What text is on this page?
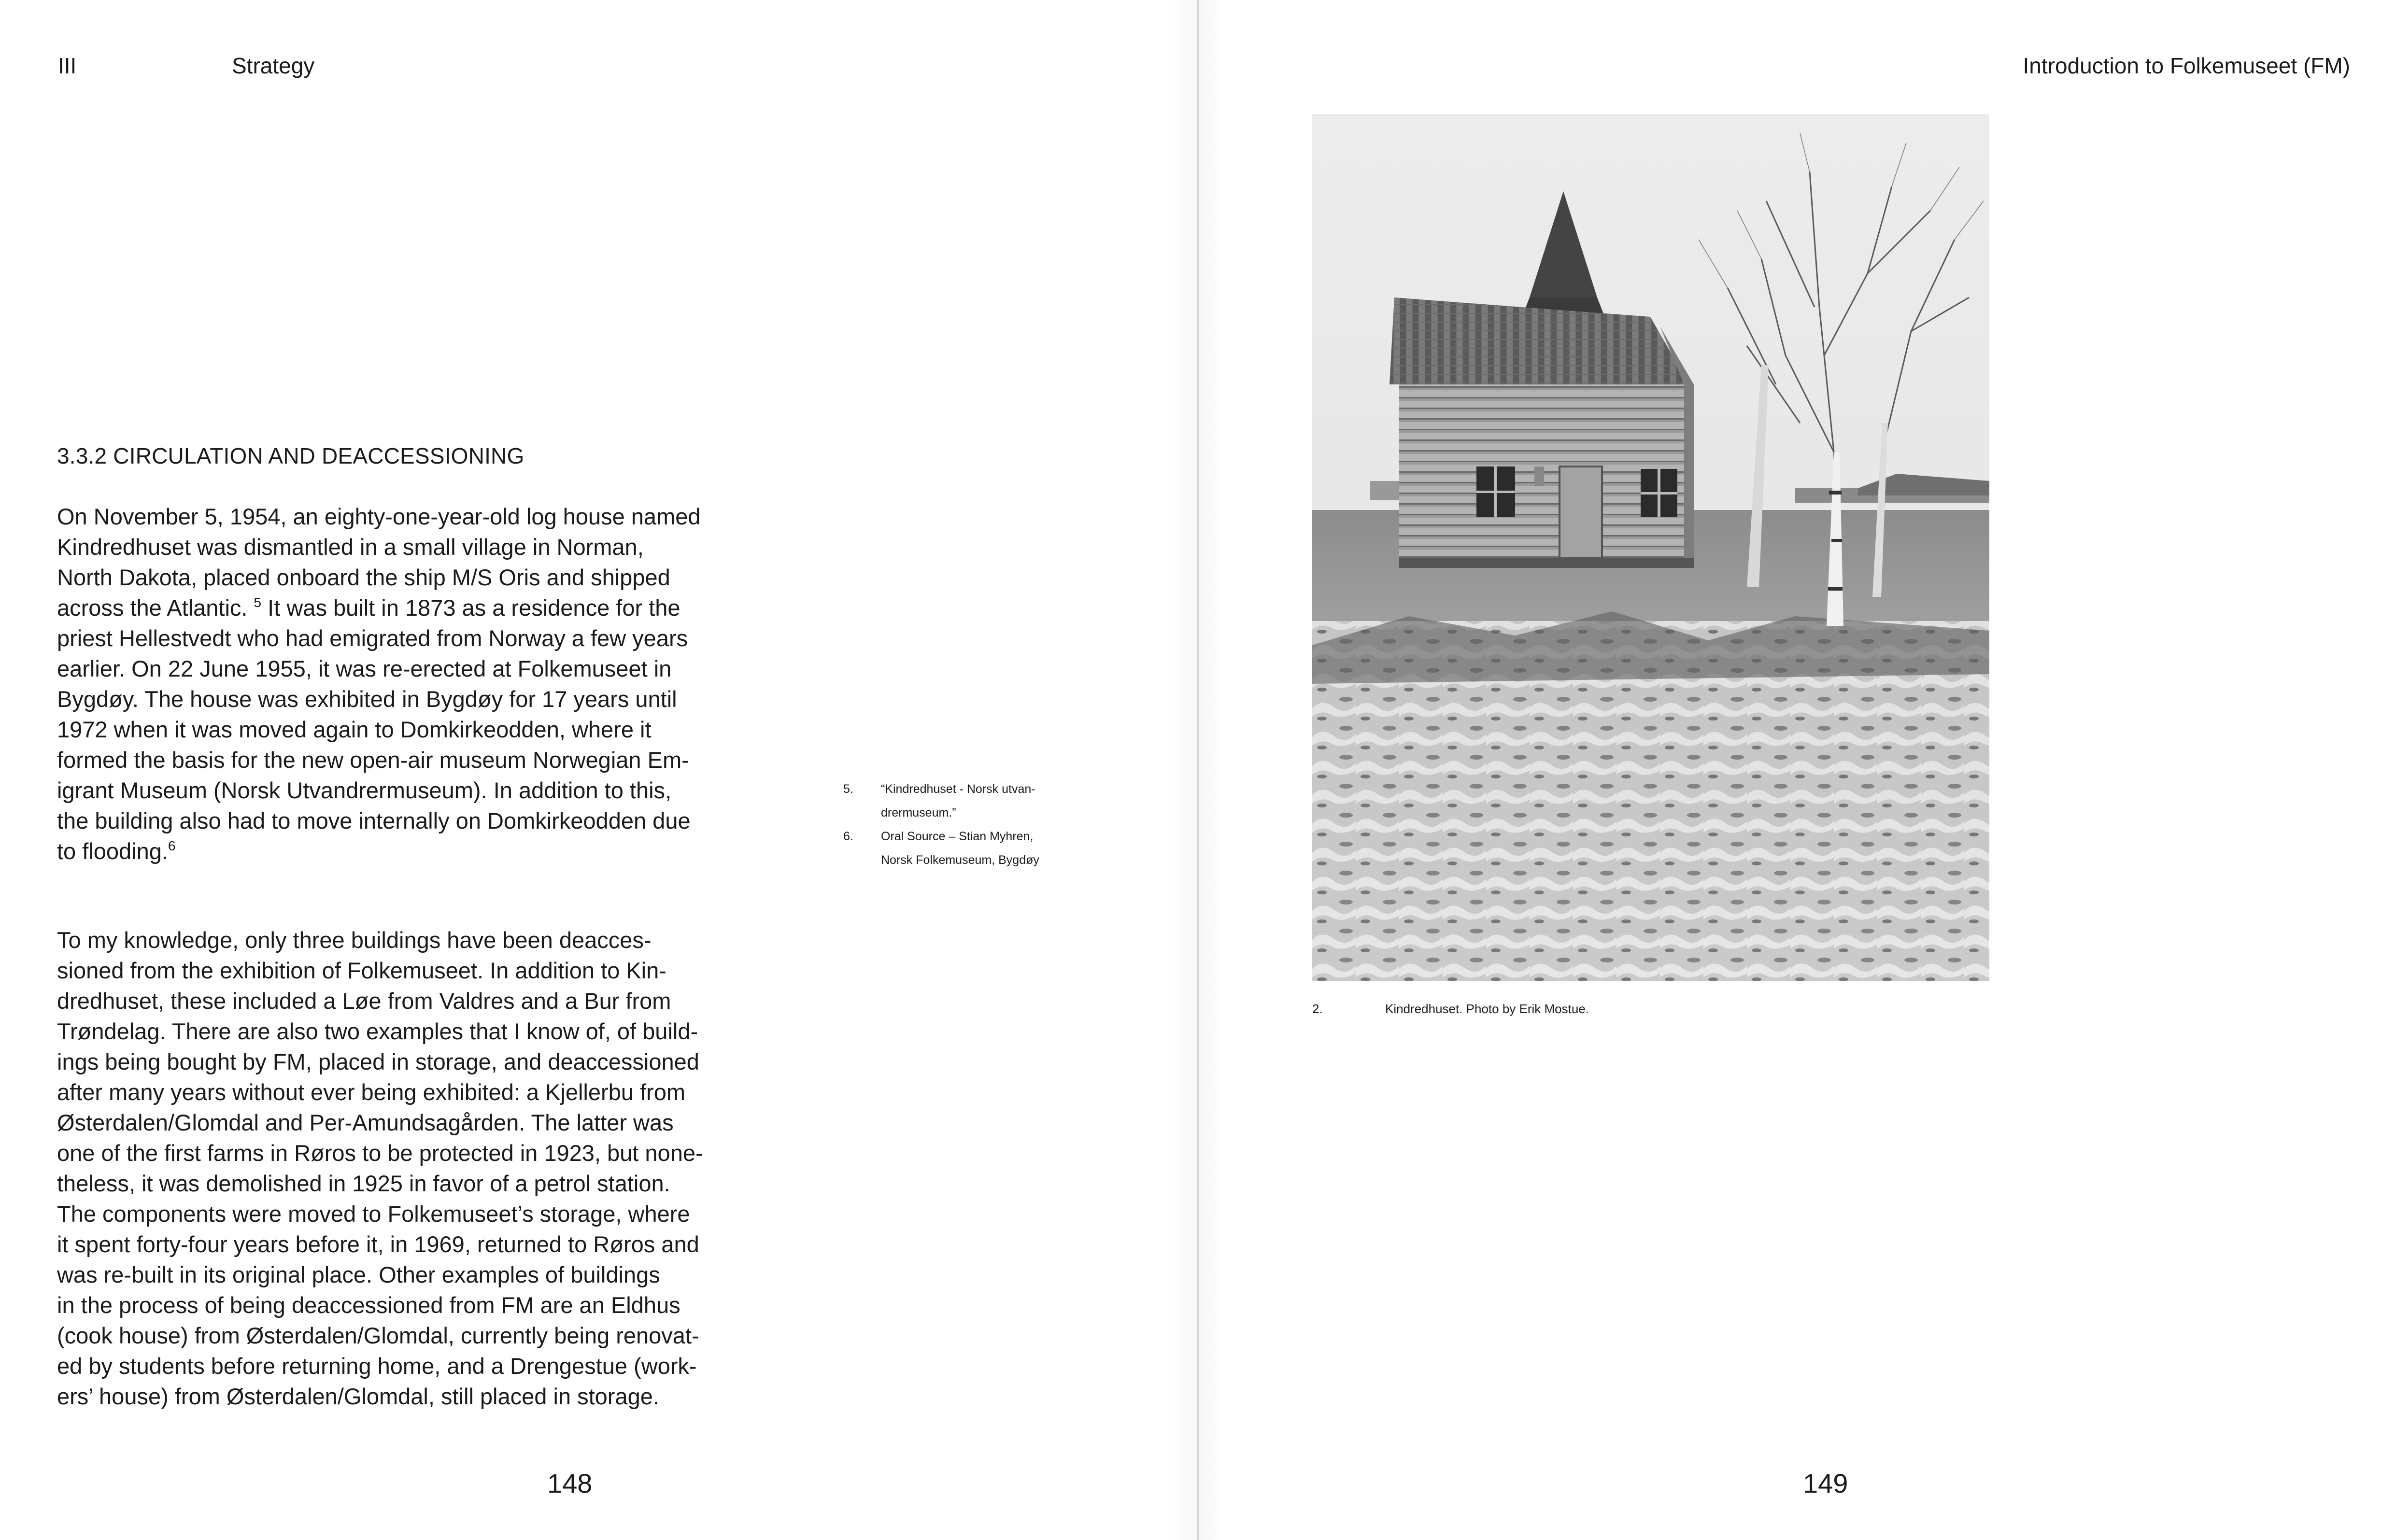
III	Strategy
3.3.2 CIRCULATION AND DEACCESSIONING
On November 5, 1954, an eighty-one-year-old log house named
Kindredhuset was dismantled in a small village in Norman,
North Dakota, placed onboard the ship M/S Oris and shipped
across the Atlantic. $^5$ It was built in 1873 as a residence for the
priest Hellestvedt who had emigrated from Norway a few years
earlier. On 22 June 1955, it was re-erected at Folkemuseet in
Bygdøy. The house was exhibited in Bygdøy for 17 years until
1972 when it was moved again to Domkirkeodden, where it
formed the basis for the new open-air museum Norwegian Em-
igrant Museum (Norsk Utvandrermuseum). In addition to this,
the building also had to move internally on Domkirkeodden due
to flooding.$^6$
To my knowledge, only three buildings have been deacces-
sioned from the exhibition of Folkemuseet. In addition to Kin-
dredhuset, these included a Løe from Valdres and a Bur from
Trøndelag. There are also two examples that I know of, of build-
ings being bought by FM, placed in storage, and deaccessioned
after many years without ever being exhibited: a Kjellerbu from
Østerdalen/Glomdal and Per-Amundsagården. The latter was
one of the first farms in Røros to be protected in 1923, but none-
theless, it was demolished in 1925 in favor of a petrol station.
The components were moved to Folkemuseet’s storage, where
it spent forty-four years before it, in 1969, returned to Røros and
was re-built in its original place. Other examples of buildings
in the process of being deaccessioned from FM are an Eldhus
(cook house) from Østerdalen/Glomdal, currently being renovat-
ed by students before returning home, and a Drengestue (work-
ers’ house) from Østerdalen/Glomdal, still placed in storage.
5. “Kindredhuset - Norsk utvan-
drermuseum.”
6. Oral Source – Stian Myhren,
Norsk Folkemuseum, Bygdøy
148
Introduction to Folkemuseet (FM)
2.	Kindredhuset. Photo by Erik Mostue.
149
